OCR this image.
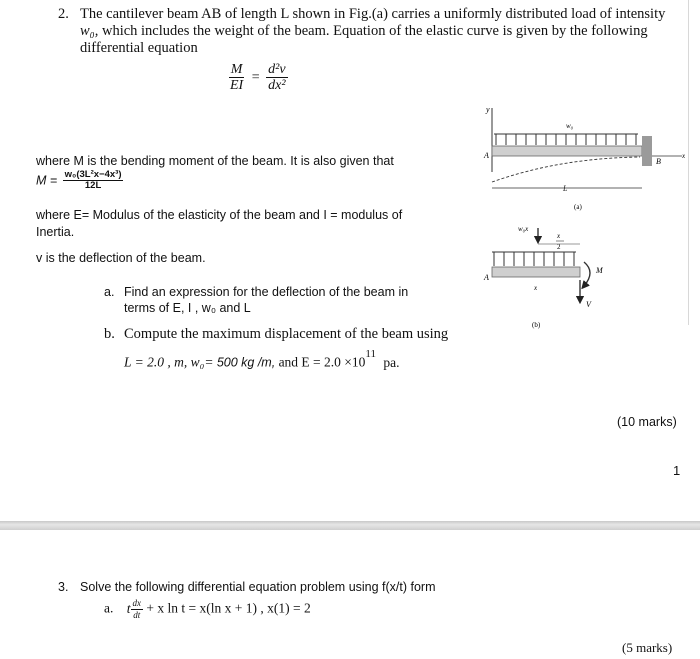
2. The cantilever beam AB of length L shown in Fig.(a) carries a uniformly distributed load of intensity
w₀, which includes the weight of the beam. Equation of the elastic curve is given by the following
differential equation
$\frac{M}{EI} = \frac{\text{d²v}}{\text{dx²}}$
where M is the bending moment of the beam. It is also given that
$M = \frac{\text{w₀(3L²x−4x³)}}{12L}$
where E= Modulus of the elasticity of the beam and I = modulus of
Inertia.
v is the deflection of the beam.
a. Find an expression for the deflection of the beam in
terms of E, I , w₀ and L
b. Compute the maximum displacement of the beam using
L = 2.0 , m, w₀= 500 kg /m, and $E = 2.0 \times 10^{11}$ pa.
(10 marks)
1
y
A
w₀
B
x
L
(a)
w₀x
x
2
A
M
V
x
(b)
3. Solve the following differential equation problem using f(x/t) form
a. t $\frac{dx}{dt} + x$ ln t = x(ln x + 1) , x(1) = 2
(5 marks)
